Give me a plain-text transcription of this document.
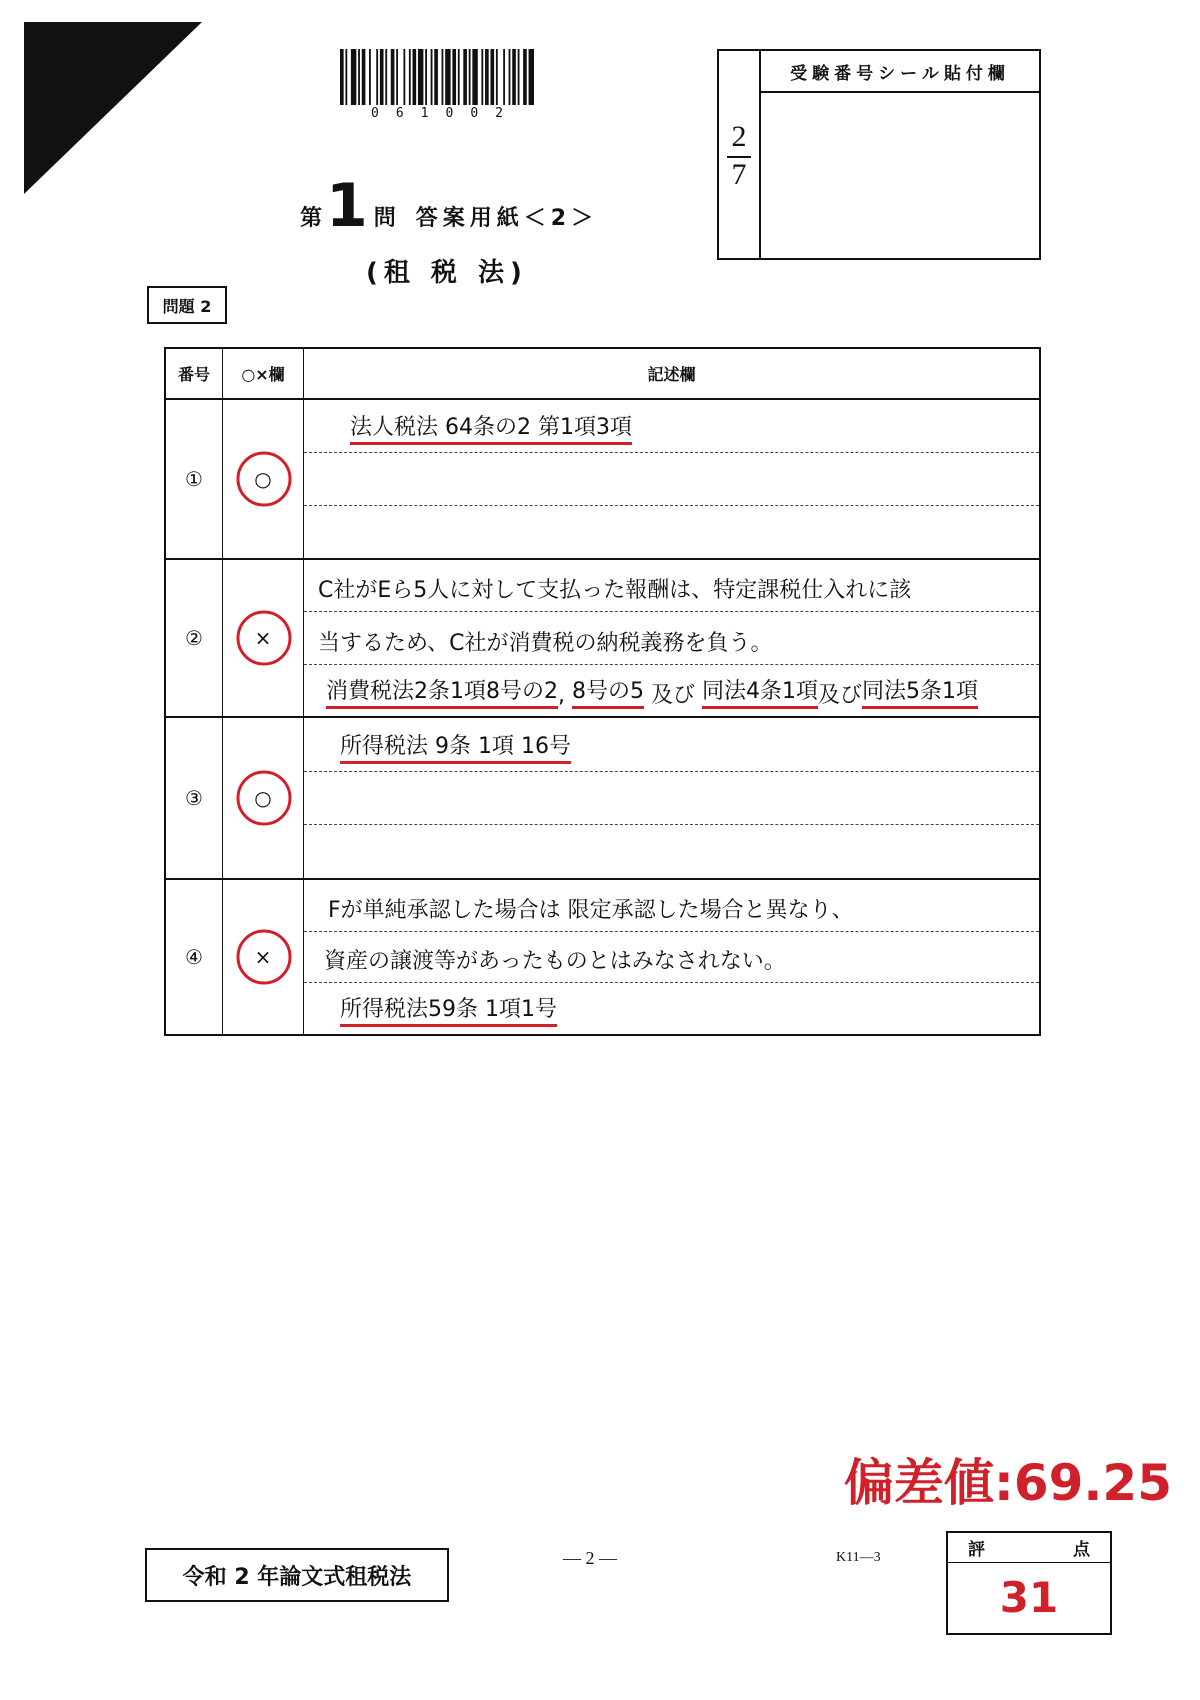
061002
第 1 問 答案用紙＜2＞
(租 税 法)
受験番号シール貼付欄
2
7
問題 2
番号	○×欄	記述欄
①	○
法人税法 64条の2 第1項3項
②	×
C社がEら5人に対して支払った報酬は、特定課税仕入れに該
当するため、C社が消費税の納税義務を負う。
消費税法2条1項8号の2 , 8号の5 及び 同法4条1項 及び 同法5条1項
③	○
所得税法 9条 1項 16号
④	×
Fが単純承認した場合は 限定承認した場合と異なり、
資産の譲渡等があったものとはみなされない。
所得税法59条 1項1号
偏差値:69.25
令和 2 年論文式租税法
— 2 —	K11—3	評	点
31
